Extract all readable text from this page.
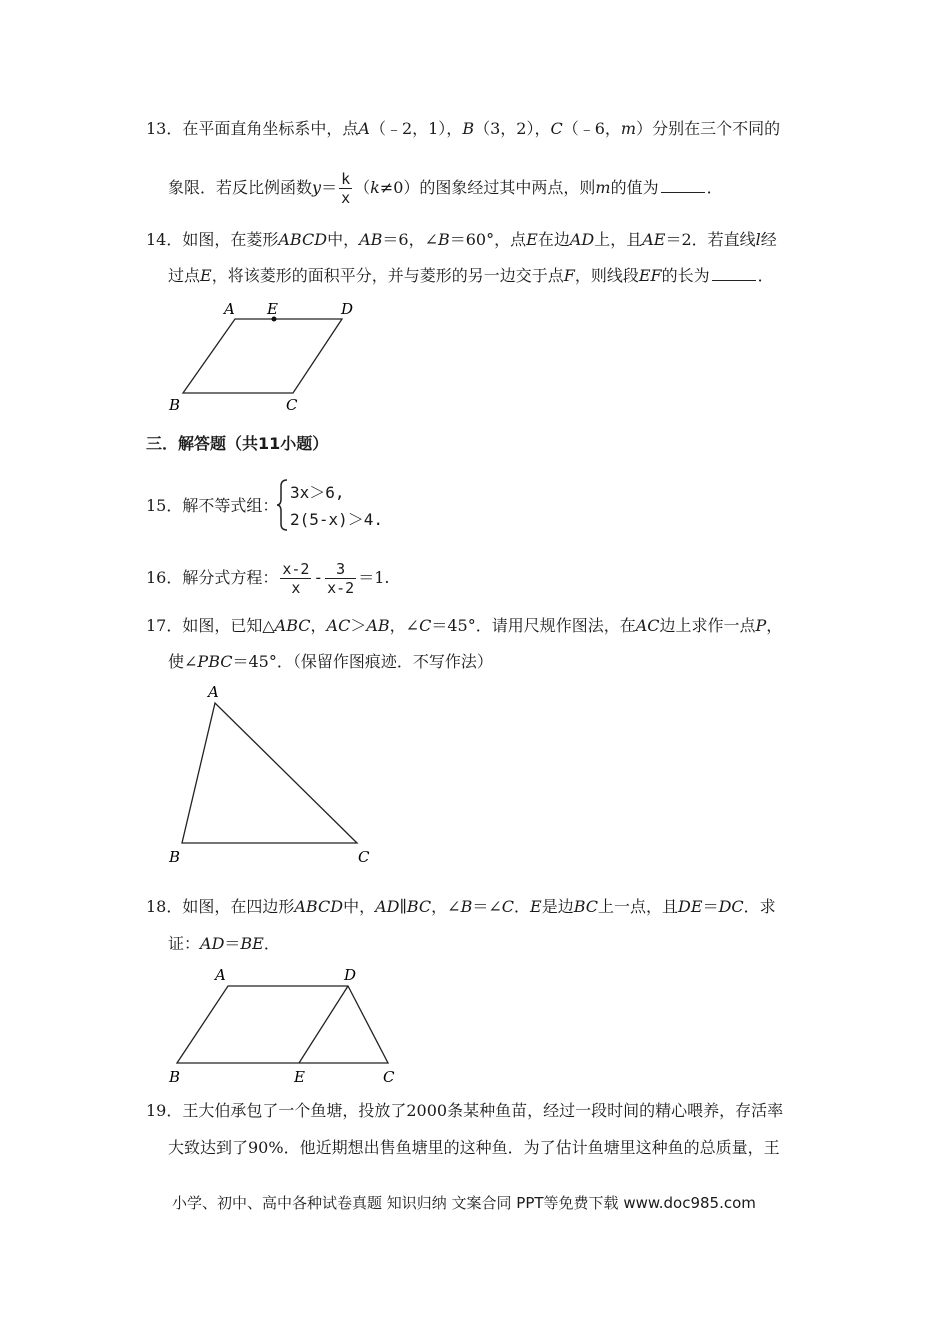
13．在平面直角坐标系中，点A（﹣2，1），B（3，2），C（﹣6，m）分别在三个不同的
象限．若反比例函数$y= \frac{k}{x} (k\ne 0)$的图象经过其中两点，则m的值为	．
14．如图，在菱形ABCD中，AB＝6，∠B＝60°，点E在边AD上，且AE＝2．若直线l经
过点E，将该菱形的面积平分，并与菱形的另一边交于点F，则线段EF的长为	．
A E	D
B	C
三．解答题（共11小题）
15．解不等式组：
3x＞6,
2(5-x)＞4.
16．解分式方程： $\frac{x-2}{x} - \frac{3}{x-2} =1$.
17．如图，已知△ABC，AC＞AB，∠C＝45°．请用尺规作图法，在AC边上求作一点P，
使∠PBC＝45°．（保留作图痕迹．不写作法）
A
B	C
18．如图，在四边形ABCD中，AD∥BC，∠B＝∠C．E是边BC上一点，且DE＝DC．求
证：AD＝BE．
A	D
B	E	C
19．王大伯承包了一个鱼塘，投放了2000条某种鱼苗，经过一段时间的精心喂养，存活率
大致达到了90%．他近期想出售鱼塘里的这种鱼．为了估计鱼塘里这种鱼的总质量，王
小学、初中、高中各种试卷真题 知识归纳 文案合同 PPT等免费下载 www.doc985.com
